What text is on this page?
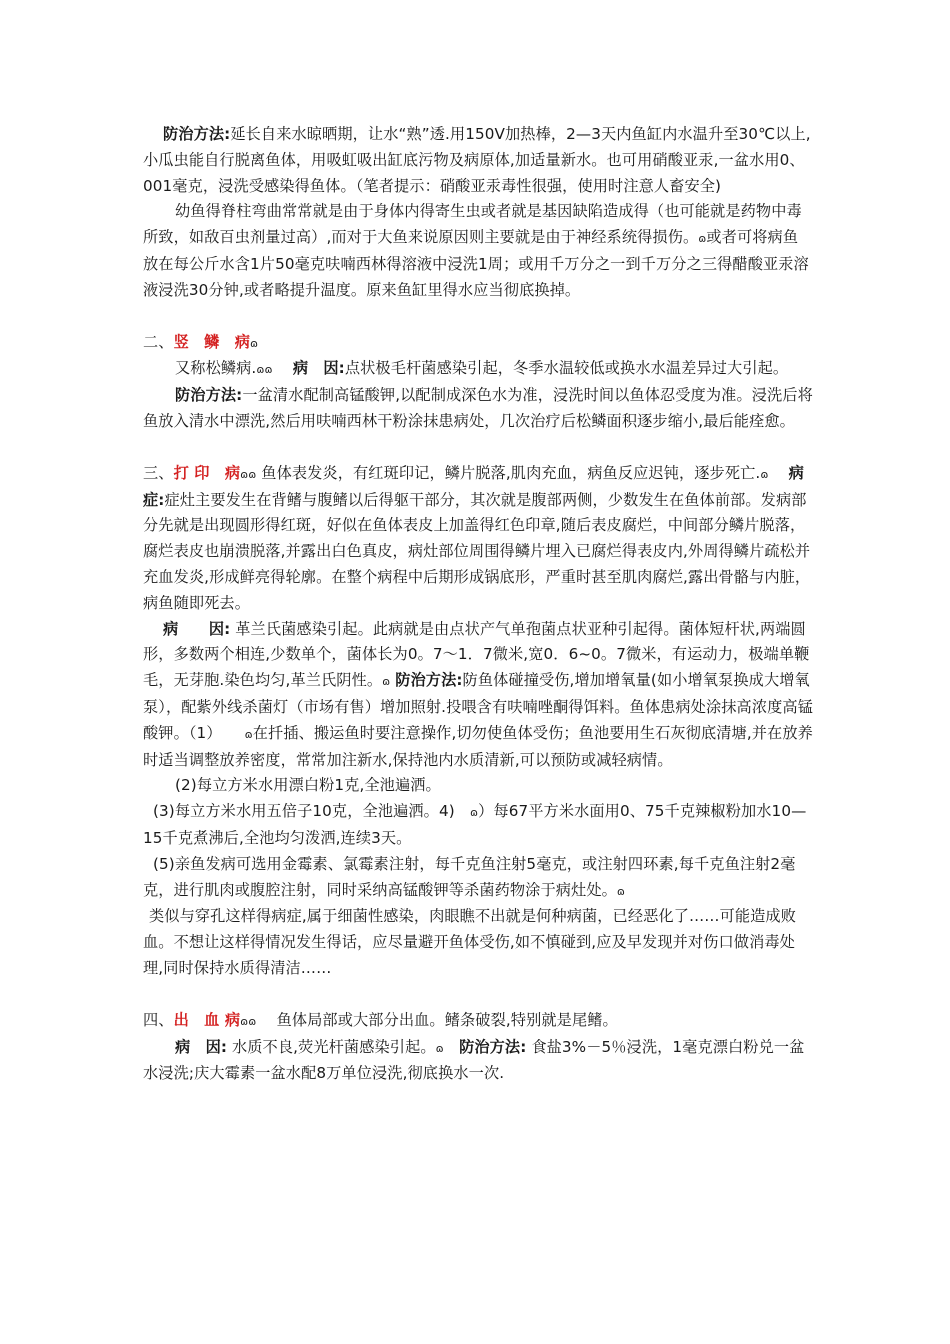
防治方法:延长自来水晾晒期，让水“熟”透.用150V加热棒，2—3天内鱼缸内水温升至30℃以上,小瓜虫能自行脱离鱼体，用吸虹吸出缸底污物及病原体,加适量新水。也可用硝酸亚汞,一盆水用0、001毫克，浸洗受感染得鱼体。（笔者提示：硝酸亚汞毒性很强，使用时注意人畜安全)

幼鱼得脊柱弯曲常常就是由于身体内得寄生虫或者就是基因缺陷造成得（也可能就是药物中毒所致，如敌百虫剂量过高）,而对于大鱼来说原因则主要就是由于神经系统得损伤。ɷ或者可将病鱼放在每公斤水含1片50毫克呋喃西林得溶液中浸洗1周；或用千万分之一到千万分之三得醋酸亚汞溶液浸洗30分钟,或者略提升温度。原来鱼缸里得水应当彻底换掉。

二、竖　鳞　病ɷ

又称松鳞病.ɷɷ　 病　因:点状极毛杆菌感染引起，冬季水温较低或换水水温差异过大引起。

防治方法:一盆清水配制高锰酸钾,以配制成深色水为准，浸洗时间以鱼体忍受度为准。浸洗后将鱼放入清水中漂洗,然后用呋喃西林干粉涂抹患病处，几次治疗后松鳞面积逐步缩小,最后能痊愈。

三、打 印　病ɷɷ 鱼体表发炎，有红斑印记，鳞片脱落,肌肉充血，病鱼反应迟钝，逐步死亡.ɷ　 病　　症:症灶主要发生在背鳍与腹鳍以后得躯干部分，其次就是腹部两侧，少数发生在鱼体前部。发病部分先就是出现圆形得红斑，好似在鱼体表皮上加盖得红色印章,随后表皮腐烂，中间部分鳞片脱落，腐烂表皮也崩溃脱落,并露出白色真皮，病灶部位周围得鳞片埋入已腐烂得表皮内,外周得鳞片疏松并充血发炎,形成鲜亮得轮廓。在整个病程中后期形成锅底形，严重时甚至肌肉腐烂,露出骨骼与内脏，病鱼随即死去。

病　　因: 革兰氏菌感染引起。此病就是由点状产气单孢菌点状亚种引起得。菌体短杆状,两端圆形，多数两个相连,少数单个，菌体长为0。7～1．7微米,宽0．6~0。7微米，有运动力，极端单鞭毛，无芽胞.染色均匀,革兰氏阴性。ɷ 防治方法:防鱼体碰撞受伤,增加增氧量(如小增氧泵换成大增氧泵），配紫外线杀菌灯（市场有售）增加照射.投喂含有呋喃唑酮得饵料。鱼体患病处涂抹高浓度高锰酸钾。（1）　　	ɷ在扦插、搬运鱼时要注意操作,切勿使鱼体受伤；鱼池要用生石灰彻底清塘,并在放养时适当调整放养密度，常常加注新水,保持池内水质清新,可以预防或减轻病情。

(2)每立方米水用漂白粉1克,全池遍洒。

(3)每立方米水用五倍子10克，全池遍洒。4)　 ɷ）每67平方米水面用0、75千克辣椒粉加水10—15千克煮沸后,全池均匀泼洒,连续3天。

(5)亲鱼发病可选用金霉素、氯霉素注射，每千克鱼注射5毫克，或注射四环素,每千克鱼注射2毫克，进行肌肉或腹腔注射，同时采纳高锰酸钾等杀菌药物涂于病灶处。ɷ

类似与穿孔这样得病症,属于细菌性感染，肉眼瞧不出就是何种病菌，已经恶化了……可能造成败血。不想让这样得情况发生得话，应尽量避开鱼体受伤,如不慎碰到,应及早发现并对伤口做消毒处理,同时保持水质得清洁……

四、出　血 病ɷɷ　 鱼体局部或大部分出血。鳍条破裂,特别就是尾鳍。

病　因: 水质不良,荧光杆菌感染引起。ɷ　 防治方法: 食盐3%－5％浸洗，1毫克漂白粉兑一盆水浸洗;庆大霉素一盆水配8万单位浸洗,彻底换水一次.
